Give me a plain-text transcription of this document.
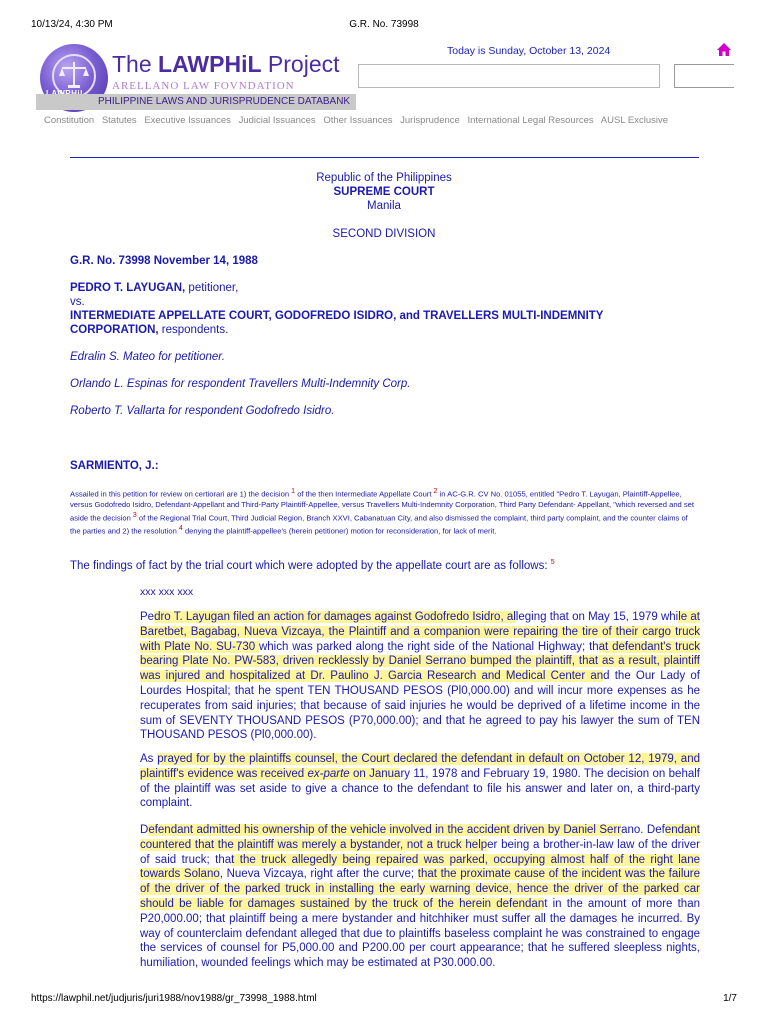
10/13/24, 4:30 PM	G.R. No. 73998
https://lawphil.net/judjuris/juri1988/nov1988/gr_73998_1988.html	1/7
The LAWPHiL Project
ARELLANO LAW FOVNDATION
PHILIPPINE LAWS AND JURISPRUDENCE DATABANK
Today is Sunday, October 13, 2024
Constitution Statutes Executive Issuances Judicial Issuances Other Issuances Jurisprudence International Legal Resources AUSL Exclusive
Republic of the Philippines
SUPREME COURT
Manila
SECOND DIVISION
G.R. No. 73998 November 14, 1988
PEDRO T. LAYUGAN, petitioner,
vs.
INTERMEDIATE APPELLATE COURT, GODOFREDO ISIDRO, and TRAVELLERS MULTI-INDEMNITY
CORPORATION, respondents.
Edralin S. Mateo for petitioner.
Orlando L. Espinas for respondent Travellers Multi-Indemnity Corp.
Roberto T. Vallarta for respondent Godofredo Isidro.
SARMIENTO, J.:
Assailed in this petition for review on certiorari are 1) the decision $^1$ of the then Intermediate Appellate Court $^2$ in AC-G.R. CV No. 01055, entitled "Pedro T. Layugan, Plaintiff-Appellee, versus Godofredo Isidro, Defendant-Appellant and Third-Party Plaintiff-Appellee, versus Travellers Multi-Indemnity Corporation, Third Party Defendant- Appellant, "which reversed and set aside the decision $^3$ of the Regional Trial Court, Third Judicial Region, Branch XXVI, Cabanatuan City, and also dismissed the complaint, third party complaint, and the counter claims of the parties and 2) the resolution $^4$ denying the plaintiff-appellee's (herein petitioner) motion for reconsideration, for lack of merit.
The findings of fact by the trial court which were adopted by the appellate court are as follows: $^5$
xxx xxx xxx
Pedro T. Layugan filed an action for damages against Godofredo Isidro, alleging that on May 15, 1979 while at Baretbet, Bagabag, Nueva Vizcaya, the Plaintiff and a companion were repairing the tire of their cargo truck with Plate No. SU-730 which was parked along the right side of the National Highway; that defendant's truck bearing Plate No. PW-583, driven recklessly by Daniel Serrano bumped the plaintiff, that as a result, plaintiff was injured and hospitalized at Dr. Paulino J. Garcia Research and Medical Center and the Our Lady of Lourdes Hospital; that he spent TEN THOUSAND PESOS (Pl0,000.00) and will incur more expenses as he recuperates from said injuries; that because of said injuries he would be deprived of a lifetime income in the sum of SEVENTY THOUSAND PESOS (P70,000.00); and that he agreed to pay his lawyer the sum of TEN THOUSAND PESOS (Pl0,000.00).
As prayed for by the plaintiffs counsel, the Court declared the defendant in default on October 12, 1979, and plaintiff's evidence was received ex-parte on January 11, 1978 and February 19, 1980. The decision on behalf of the plaintiff was set aside to give a chance to the defendant to file his answer and later on, a third-party complaint.
Defendant admitted his ownership of the vehicle involved in the accident driven by Daniel Serrano. Defendant countered that the plaintiff was merely a bystander, not a truck helper being a brother-in-law law of the driver of said truck; that the truck allegedly being repaired was parked, occupying almost half of the right lane towards Solano, Nueva Vizcaya, right after the curve; that the proximate cause of the incident was the failure of the driver of the parked truck in installing the early warning device, hence the driver of the parked car should be liable for damages sustained by the truck of the herein defendant in the amount of more than P20,000.00; that plaintiff being a mere bystander and hitchhiker must suffer all the damages he incurred. By way of counterclaim defendant alleged that due to plaintiffs baseless complaint he was constrained to engage the services of counsel for P5,000.00 and P200.00 per court appearance; that he suffered sleepless nights, humiliation, wounded feelings which may be estimated at P30.000.00.
